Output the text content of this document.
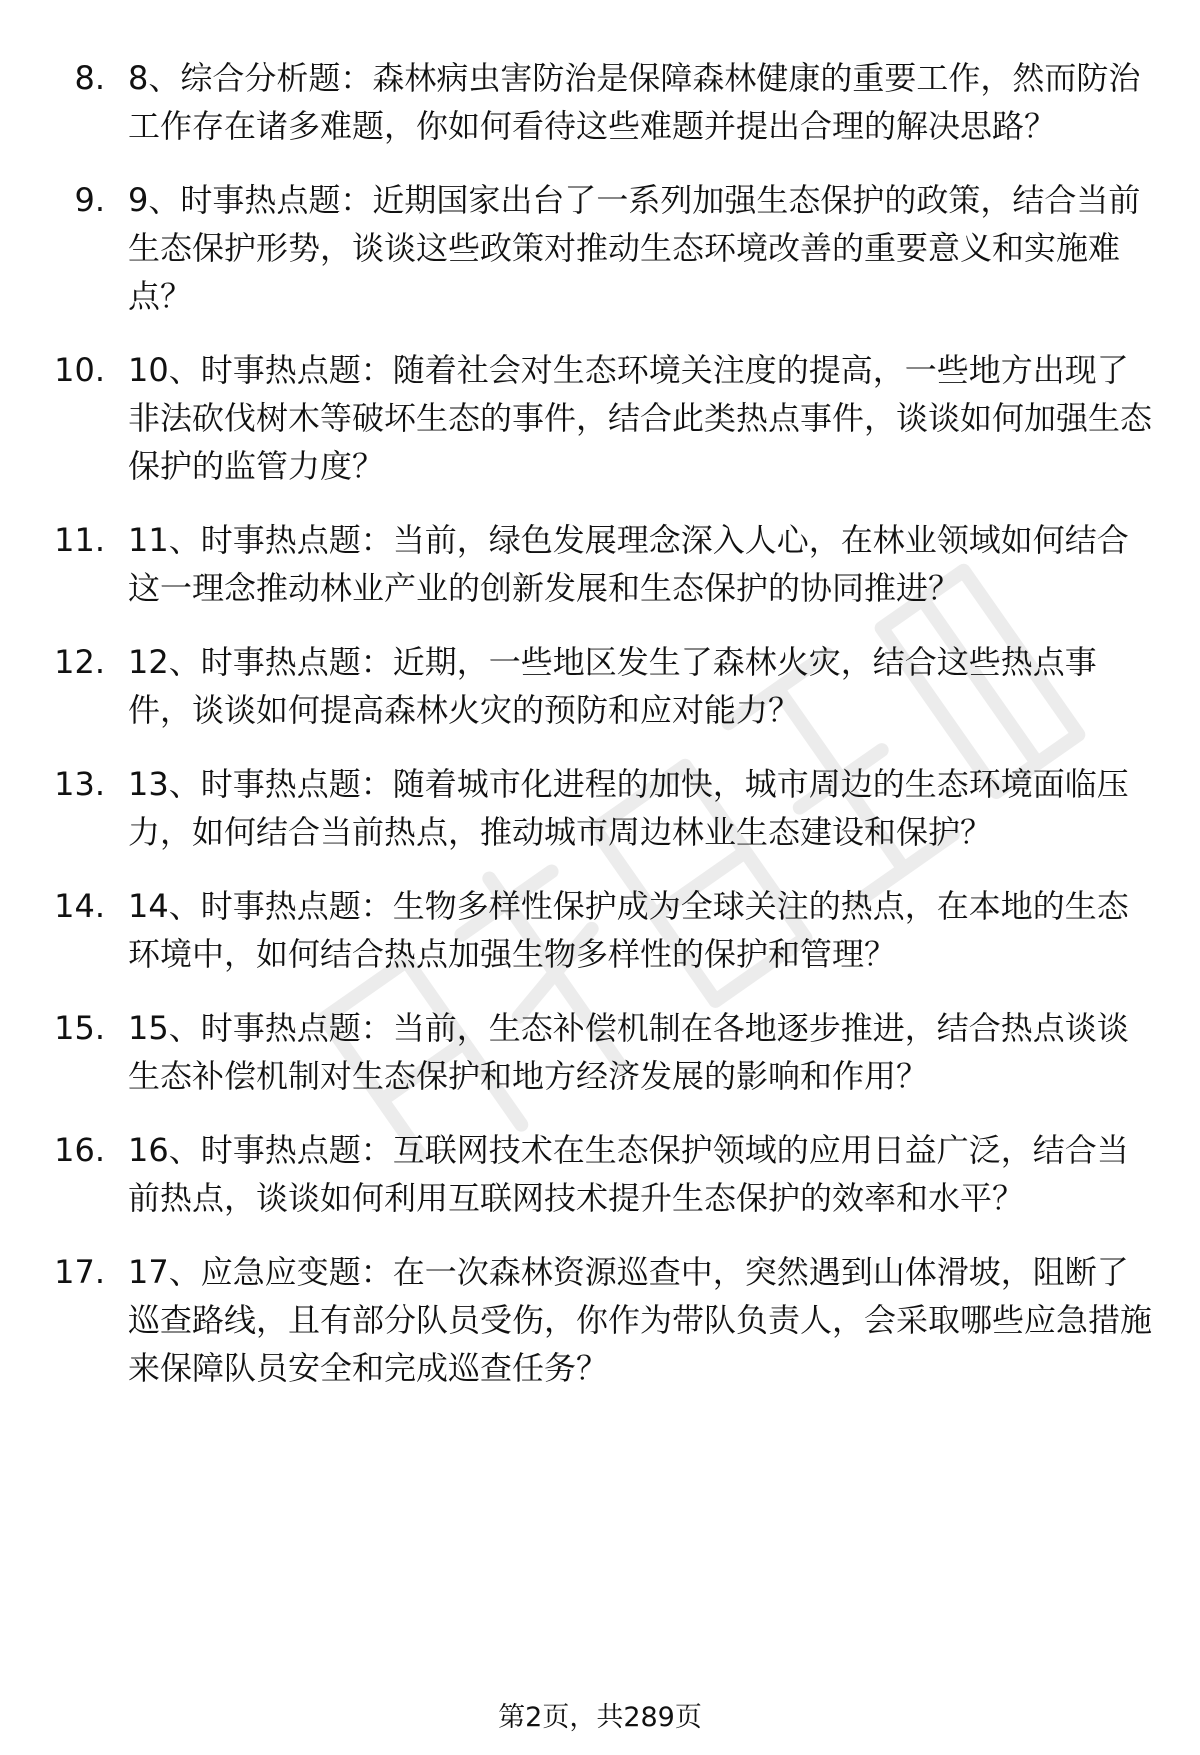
8. 8、综合分析题：森林病虫害防治是保障森林健康的重要工作，然而防治工作存在诸多难题，你如何看待这些难题并提出合理的解决思路？
9. 9、时事热点题：近期国家出台了一系列加强生态保护的政策，结合当前生态保护形势，谈谈这些政策对推动生态环境改善的重要意义和实施难点？
10. 10、时事热点题：随着社会对生态环境关注度的提高，一些地方出现了非法砍伐树木等破坏生态的事件，结合此类热点事件，谈谈如何加强生态保护的监管力度？
11. 11、时事热点题：当前，绿色发展理念深入人心，在林业领域如何结合这一理念推动林业产业的创新发展和生态保护的协同推进？
12. 12、时事热点题：近期，一些地区发生了森林火灾，结合这些热点事件，谈谈如何提高森林火灾的预防和应对能力？
13. 13、时事热点题：随着城市化进程的加快，城市周边的生态环境面临压力，如何结合当前热点，推动城市周边林业生态建设和保护？
14. 14、时事热点题：生物多样性保护成为全球关注的热点，在本地的生态环境中，如何结合热点加强生物多样性的保护和管理？
15. 15、时事热点题：当前，生态补偿机制在各地逐步推进，结合热点谈谈生态补偿机制对生态保护和地方经济发展的影响和作用？
16. 16、时事热点题：互联网技术在生态保护领域的应用日益广泛，结合当前热点，谈谈如何利用互联网技术提升生态保护的效率和水平？
17. 17、应急应变题：在一次森林资源巡查中，突然遇到山体滑坡，阻断了巡查路线，且有部分队员受伤，你作为带队负责人，会采取哪些应急措施来保障队员安全和完成巡查任务？
第2页，共289页
